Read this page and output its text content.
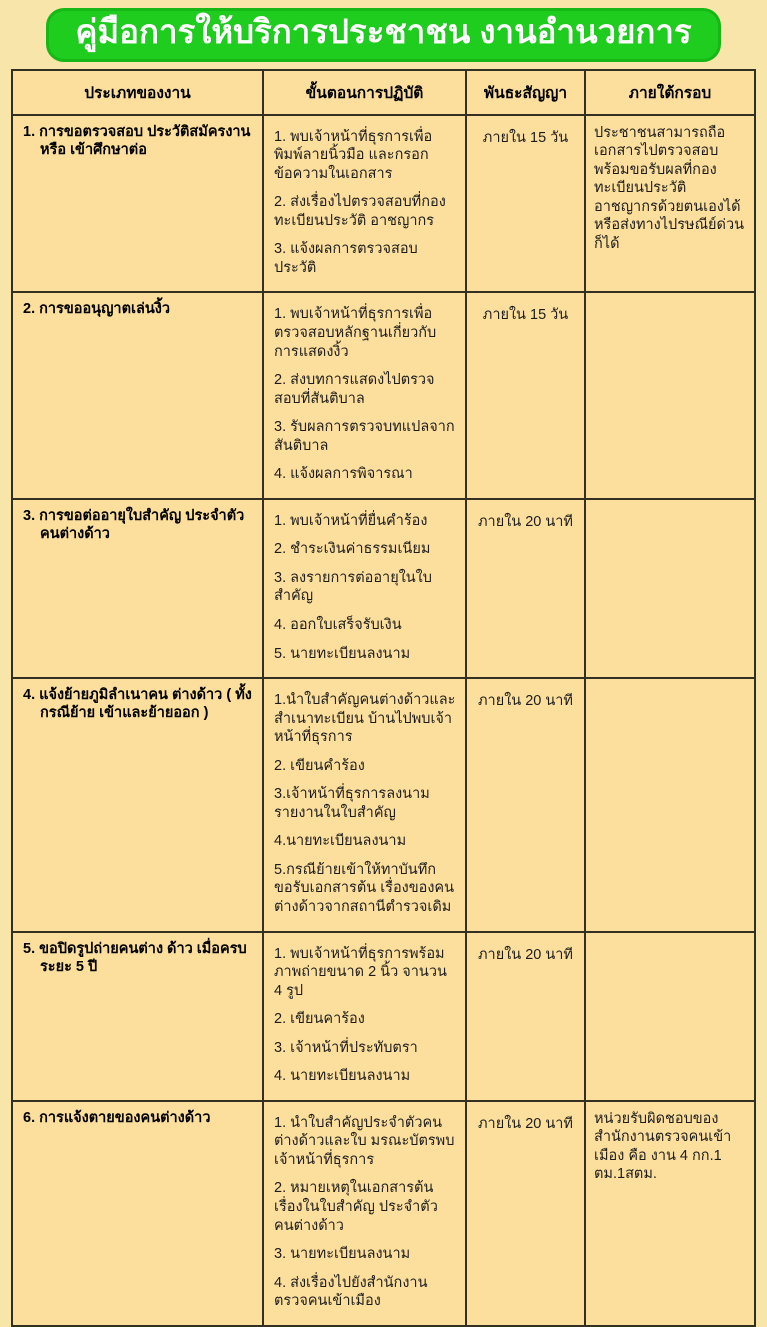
คู่มือการให้บริการประชาชน งานอำนวยการ
ประเภทของงาน	ขั้นตอนการปฏิบัติ	พันธะสัญญา	ภายใต้กรอบ

1. การขอตรวจสอบ ประวัติสมัครงานหรือ เข้าศึกษาต่อ	1. พบเจ้าหน้าที่ธุรการเพื่อพิมพ์ลายนิ้วมือ และกรอกข้อความในเอกสาร

2. ส่งเรื่องไปตรวจสอบที่กองทะเบียนประวัติ อาชญากร

3. แจ้งผลการตรวจสอบประวัติ	ภายใน 15 วัน	ประชาชนสามารถถือเอกสารไปตรวจสอบพร้อมขอรับผลที่กองทะเบียนประวัติอาชญากรด้วยตนเองได้ หรือส่งทางไปรษณีย์ด่วนก็ได้

2. การขออนุญาตเล่นงิ้ว	1. พบเจ้าหน้าที่ธุรการเพื่อตรวจสอบหลักฐานเกี่ยวกับการแสดงงิ้ว

2. ส่งบทการแสดงไปตรวจสอบที่สันติบาล

3. รับผลการตรวจบทแปลจากสันติบาล

4. แจ้งผลการพิจารณา	ภายใน 15 วัน	

3. การขอต่ออายุใบสำคัญ ประจำตัวคนต่างด้าว	1. พบเจ้าหน้าที่ยื่นคำร้อง

2. ชำระเงินค่าธรรมเนียม

3. ลงรายการต่ออายุในใบสำคัญ

4. ออกใบเสร็จรับเงิน

5. นายทะเบียนลงนาม	ภายใน 20 นาที	

4. แจ้งย้ายภูมิลำเนาคน ต่างด้าว ( ทั้งกรณีย้าย เข้าและย้ายออก )	1.นำใบสำคัญคนต่างด้าวและสำเนาทะเบียน บ้านไปพบเจ้าหน้าที่ธุรการ

2. เขียนคำร้อง

3.เจ้าหน้าที่ธุรการลงนามรายงานในใบสำคัญ

4.นายทะเบียนลงนาม

5.กรณีย้ายเข้าให้ทาบันทึกขอรับเอกสารต้น เรื่องของคนต่างด้าวจากสถานีตำรวจเดิม	ภายใน 20 นาที	

5. ขอปิดรูปถ่ายคนต่าง ด้าว เมื่อครบ ระยะ 5 ปี	1. พบเจ้าหน้าที่ธุรการพร้อมภาพถ่ายขนาด 2 นิ้ว จานวน 4 รูป

2. เขียนคาร้อง

3. เจ้าหน้าที่ประทับตรา

4. นายทะเบียนลงนาม	ภายใน 20 นาที	

6. การแจ้งตายของคนต่างด้าว	1. นำใบสำคัญประจำตัวคนต่างด้าวและใบ มรณะบัตรพบเจ้าหน้าที่ธุรการ

2. หมายเหตุในเอกสารต้นเรื่องในใบสำคัญ ประจำตัวคนต่างด้าว

3. นายทะเบียนลงนาม

4. ส่งเรื่องไปยังสำนักงานตรวจคนเข้าเมือง	ภายใน 20 นาที	หน่วยรับผิดชอบของสำนักงานตรวจคนเข้าเมือง คือ งาน 4 กก.1 ตม.1สตม.
